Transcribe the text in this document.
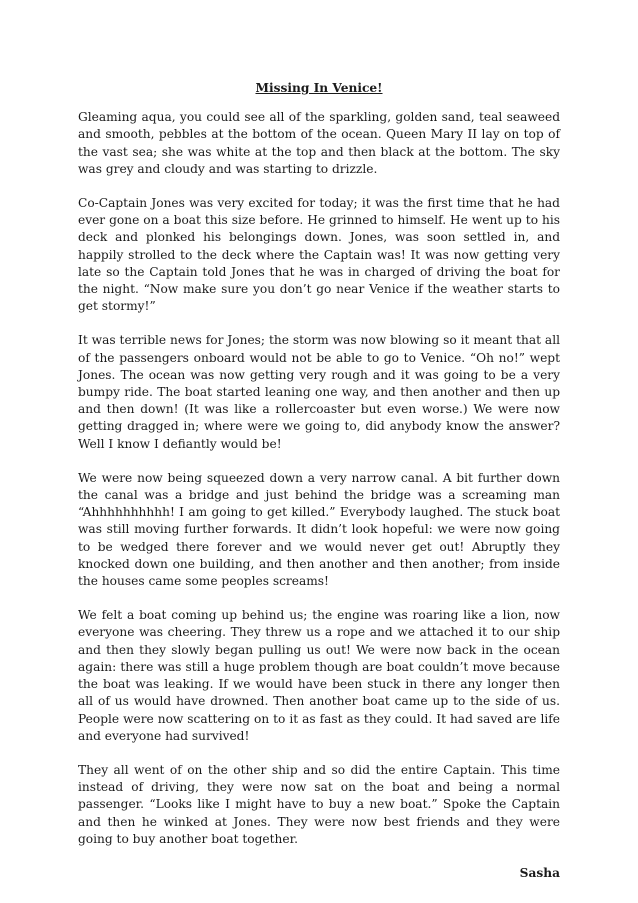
Missing In Venice!

Gleaming aqua, you could see all of the sparkling, golden sand, teal seaweed and smooth, pebbles at the bottom of the ocean. Queen Mary II lay on top of the vast sea; she was white at the top and then black at the bottom. The sky was grey and cloudy and was starting to drizzle.

Co-Captain Jones was very excited for today; it was the first time that he had ever gone on a boat this size before. He grinned to himself. He went up to his deck and plonked his belongings down. Jones, was soon settled in, and happily strolled to the deck where the Captain was! It was now getting very late so the Captain told Jones that he was in charged of driving the boat for the night. “Now make sure you don’t go near Venice if the weather starts to get stormy!”

It was terrible news for Jones; the storm was now blowing so it meant that all of the passengers onboard would not be able to go to Venice. “Oh no!” wept Jones. The ocean was now getting very rough and it was going to be a very bumpy ride. The boat started leaning one way, and then another and then up and then down! (It was like a rollercoaster but even worse.) We were now getting dragged in; where were we going to, did anybody know the answer? Well I know I defiantly would be!

We were now being squeezed down a very narrow canal. A bit further down the canal was a bridge and just behind the bridge was a screaming man “Ahhhhhhhhhh! I am going to get killed.” Everybody laughed. The stuck boat was still moving further forwards. It didn’t look hopeful: we were now going to be wedged there forever and we would never get out! Abruptly they knocked down one building, and then another and then another; from inside the houses came some peoples screams!

We felt a boat coming up behind us; the engine was roaring like a lion, now everyone was cheering. They threw us a rope and we attached it to our ship and then they slowly began pulling us out! We were now back in the ocean again: there was still a huge problem though are boat couldn’t move because the boat was leaking. If we would have been stuck in there any longer then all of us would have drowned. Then another boat came up to the side of us. People were now scattering on to it as fast as they could. It had saved are life and everyone had survived!

They all went of on the other ship and so did the entire Captain. This time instead of driving, they were now sat on the boat and being a normal passenger. “Looks like I might have to buy a new boat.” Spoke the Captain and then he winked at Jones. They were now best friends and they were going to buy another boat together.

Sasha
